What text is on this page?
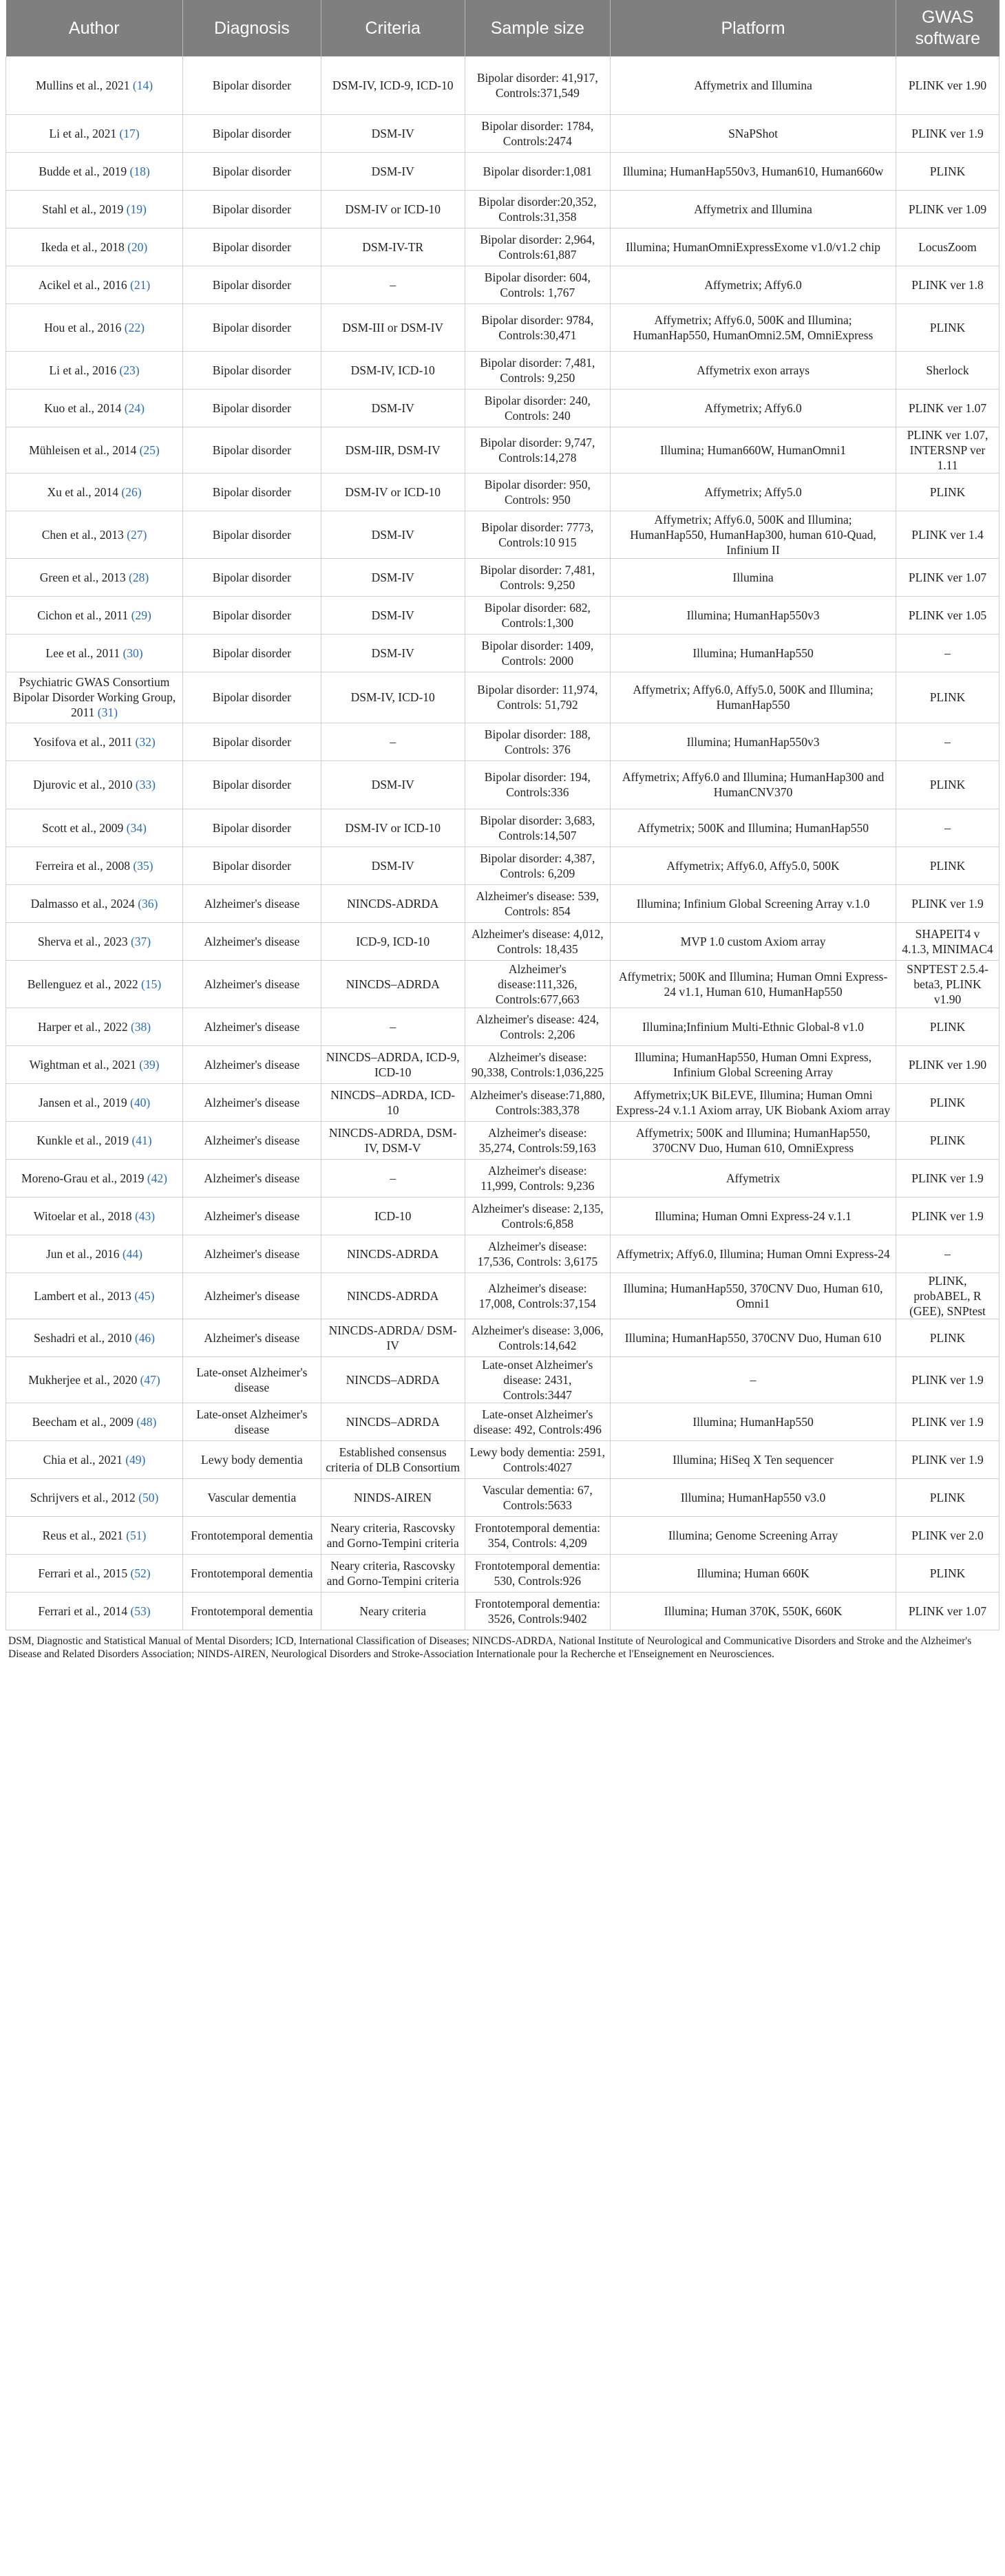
Author	Diagnosis	Criteria	Sample size	Platform	GWAS software
Mullins et al., 2021 (14)	Bipolar disorder	DSM-IV, ICD-9, ICD-10	Bipolar disorder: 41,917, Controls:371,549	Affymetrix and Illumina	PLINK ver 1.90
Li et al., 2021 (17)	Bipolar disorder	DSM-IV	Bipolar disorder: 1784, Controls:2474	SNaPShot	PLINK ver 1.9
Budde et al., 2019 (18)	Bipolar disorder	DSM-IV	Bipolar disorder:1,081	Illumina; HumanHap550v3, Human610, Human660w	PLINK
Stahl et al., 2019 (19)	Bipolar disorder	DSM-IV or ICD-10	Bipolar disorder:20,352, Controls:31,358	Affymetrix and Illumina	PLINK ver 1.09
Ikeda et al., 2018 (20)	Bipolar disorder	DSM-IV-TR	Bipolar disorder: 2,964, Controls:61,887	Illumina; HumanOmniExpressExome v1.0/v1.2 chip	LocusZoom
Acikel et al., 2016 (21)	Bipolar disorder	–	Bipolar disorder: 604, Controls: 1,767	Affymetrix; Affy6.0	PLINK ver 1.8
Hou et al., 2016 (22)	Bipolar disorder	DSM-III or DSM-IV	Bipolar disorder: 9784, Controls:30,471	Affymetrix; Affy6.0, 500K and Illumina; HumanHap550, HumanOmni2.5M, OmniExpress	PLINK
Li et al., 2016 (23)	Bipolar disorder	DSM-IV, ICD-10	Bipolar disorder: 7,481, Controls: 9,250	Affymetrix exon arrays	Sherlock
Kuo et al., 2014 (24)	Bipolar disorder	DSM-IV	Bipolar disorder: 240, Controls: 240	Affymetrix; Affy6.0	PLINK ver 1.07
Mühleisen et al., 2014 (25)	Bipolar disorder	DSM-IIR, DSM-IV	Bipolar disorder: 9,747, Controls:14,278	Illumina; Human660W, HumanOmni1	PLINK ver 1.07, INTERSNP ver 1.11
Xu et al., 2014 (26)	Bipolar disorder	DSM-IV or ICD-10	Bipolar disorder: 950, Controls: 950	Affymetrix; Affy5.0	PLINK
Chen et al., 2013 (27)	Bipolar disorder	DSM-IV	Bipolar disorder: 7773, Controls:10 915	Affymetrix; Affy6.0, 500K and Illumina; HumanHap550, HumanHap300, human 610-Quad, Infinium II	PLINK ver 1.4
Green et al., 2013 (28)	Bipolar disorder	DSM-IV	Bipolar disorder: 7,481, Controls: 9,250	Illumina	PLINK ver 1.07
Cichon et al., 2011 (29)	Bipolar disorder	DSM-IV	Bipolar disorder: 682, Controls:1,300	Illumina; HumanHap550v3	PLINK ver 1.05
Lee et al., 2011 (30)	Bipolar disorder	DSM-IV	Bipolar disorder: 1409, Controls: 2000	Illumina; HumanHap550	–
Psychiatric GWAS Consortium Bipolar Disorder Working Group, 2011 (31)	Bipolar disorder	DSM-IV, ICD-10	Bipolar disorder: 11,974, Controls: 51,792	Affymetrix; Affy6.0, Affy5.0, 500K and Illumina; HumanHap550	PLINK
Yosifova et al., 2011 (32)	Bipolar disorder	–	Bipolar disorder: 188, Controls: 376	Illumina; HumanHap550v3	–
Djurovic et al., 2010 (33)	Bipolar disorder	DSM-IV	Bipolar disorder: 194, Controls:336	Affymetrix; Affy6.0 and Illumina; HumanHap300 and HumanCNV370	PLINK
Scott et al., 2009 (34)	Bipolar disorder	DSM-IV or ICD-10	Bipolar disorder: 3,683, Controls:14,507	Affymetrix; 500K and Illumina; HumanHap550	–
Ferreira et al., 2008 (35)	Bipolar disorder	DSM-IV	Bipolar disorder: 4,387, Controls: 6,209	Affymetrix; Affy6.0, Affy5.0, 500K	PLINK
Dalmasso et al., 2024 (36)	Alzheimer's disease	NINCDS-ADRDA	Alzheimer's disease: 539, Controls: 854	Illumina; Infinium Global Screening Array v.1.0	PLINK ver 1.9
Sherva et al., 2023 (37)	Alzheimer's disease	ICD-9, ICD-10	Alzheimer's disease: 4,012, Controls: 18,435	MVP 1.0 custom Axiom array	SHAPEIT4 v 4.1.3, MINIMAC4
Bellenguez et al., 2022 (15)	Alzheimer's disease	NINCDS–ADRDA	Alzheimer's disease:111,326, Controls:677,663	Affymetrix; 500K and Illumina; Human Omni Express-24 v1.1, Human 610, HumanHap550	SNPTEST 2.5.4-beta3, PLINK v1.90
Harper et al., 2022 (38)	Alzheimer's disease	–	Alzheimer's disease: 424, Controls: 2,206	Illumina;Infinium Multi-Ethnic Global-8 v1.0	PLINK
Wightman et al., 2021 (39)	Alzheimer's disease	NINCDS–ADRDA, ICD-9, ICD-10	Alzheimer's disease: 90,338, Controls:1,036,225	Illumina; HumanHap550, Human Omni Express, Infinium Global Screening Array	PLINK ver 1.90
Jansen et al., 2019 (40)	Alzheimer's disease	NINCDS–ADRDA, ICD-10	Alzheimer's disease:71,880, Controls:383,378	Affymetrix;UK BiLEVE, Illumina; Human Omni Express-24 v.1.1 Axiom array, UK Biobank Axiom array	PLINK
Kunkle et al., 2019 (41)	Alzheimer's disease	NINCDS-ADRDA, DSM-IV, DSM-V	Alzheimer's disease: 35,274, Controls:59,163	Affymetrix; 500K and Illumina; HumanHap550, 370CNV Duo, Human 610, OmniExpress	PLINK
Moreno-Grau et al., 2019 (42)	Alzheimer's disease	–	Alzheimer's disease: 11,999, Controls: 9,236	Affymetrix	PLINK ver 1.9
Witoelar et al., 2018 (43)	Alzheimer's disease	ICD-10	Alzheimer's disease: 2,135, Controls:6,858	Illumina; Human Omni Express-24 v.1.1	PLINK ver 1.9
Jun et al., 2016 (44)	Alzheimer's disease	NINCDS-ADRDA	Alzheimer's disease: 17,536, Controls: 3,6175	Affymetrix; Affy6.0, Illumina; Human Omni Express-24	–
Lambert et al., 2013 (45)	Alzheimer's disease	NINCDS-ADRDA	Alzheimer's disease: 17,008, Controls:37,154	Illumina; HumanHap550, 370CNV Duo, Human 610, Omni1	PLINK, probABEL, R (GEE), SNPtest
Seshadri et al., 2010 (46)	Alzheimer's disease	NINCDS-ADRDA/ DSM-IV	Alzheimer's disease: 3,006, Controls:14,642	Illumina; HumanHap550, 370CNV Duo, Human 610	PLINK
Mukherjee et al., 2020 (47)	Late-onset Alzheimer's disease	NINCDS–ADRDA	Late-onset Alzheimer's disease: 2431, Controls:3447	–	PLINK ver 1.9
Beecham et al., 2009 (48)	Late-onset Alzheimer's disease	NINCDS–ADRDA	Late-onset Alzheimer's disease: 492, Controls:496	Illumina; HumanHap550	PLINK ver 1.9
Chia et al., 2021 (49)	Lewy body dementia	Established consensus criteria of DLB Consortium	Lewy body dementia: 2591, Controls:4027	Illumina; HiSeq X Ten sequencer	PLINK ver 1.9
Schrijvers et al., 2012 (50)	Vascular dementia	NINDS-AIREN	Vascular dementia: 67, Controls:5633	Illumina; HumanHap550 v3.0	PLINK
Reus et al., 2021 (51)	Frontotemporal dementia	Neary criteria, Rascovsky and Gorno-Tempini criteria	Frontotemporal dementia: 354, Controls: 4,209	Illumina; Genome Screening Array	PLINK ver 2.0
Ferrari et al., 2015 (52)	Frontotemporal dementia	Neary criteria, Rascovsky and Gorno-Tempini criteria	Frontotemporal dementia: 530, Controls:926	Illumina; Human 660K	PLINK
Ferrari et al., 2014 (53)	Frontotemporal dementia	Neary criteria	Frontotemporal dementia: 3526, Controls:9402	Illumina; Human 370K, 550K, 660K	PLINK ver 1.07
DSM, Diagnostic and Statistical Manual of Mental Disorders; ICD, International Classification of Diseases; NINCDS-ADRDA, National Institute of Neurological and Communicative Disorders and Stroke and the Alzheimer's Disease and Related Disorders Association; NINDS-AIREN, Neurological Disorders and Stroke-Association Internationale pour la Recherche et l'Enseignement en Neurosciences.
